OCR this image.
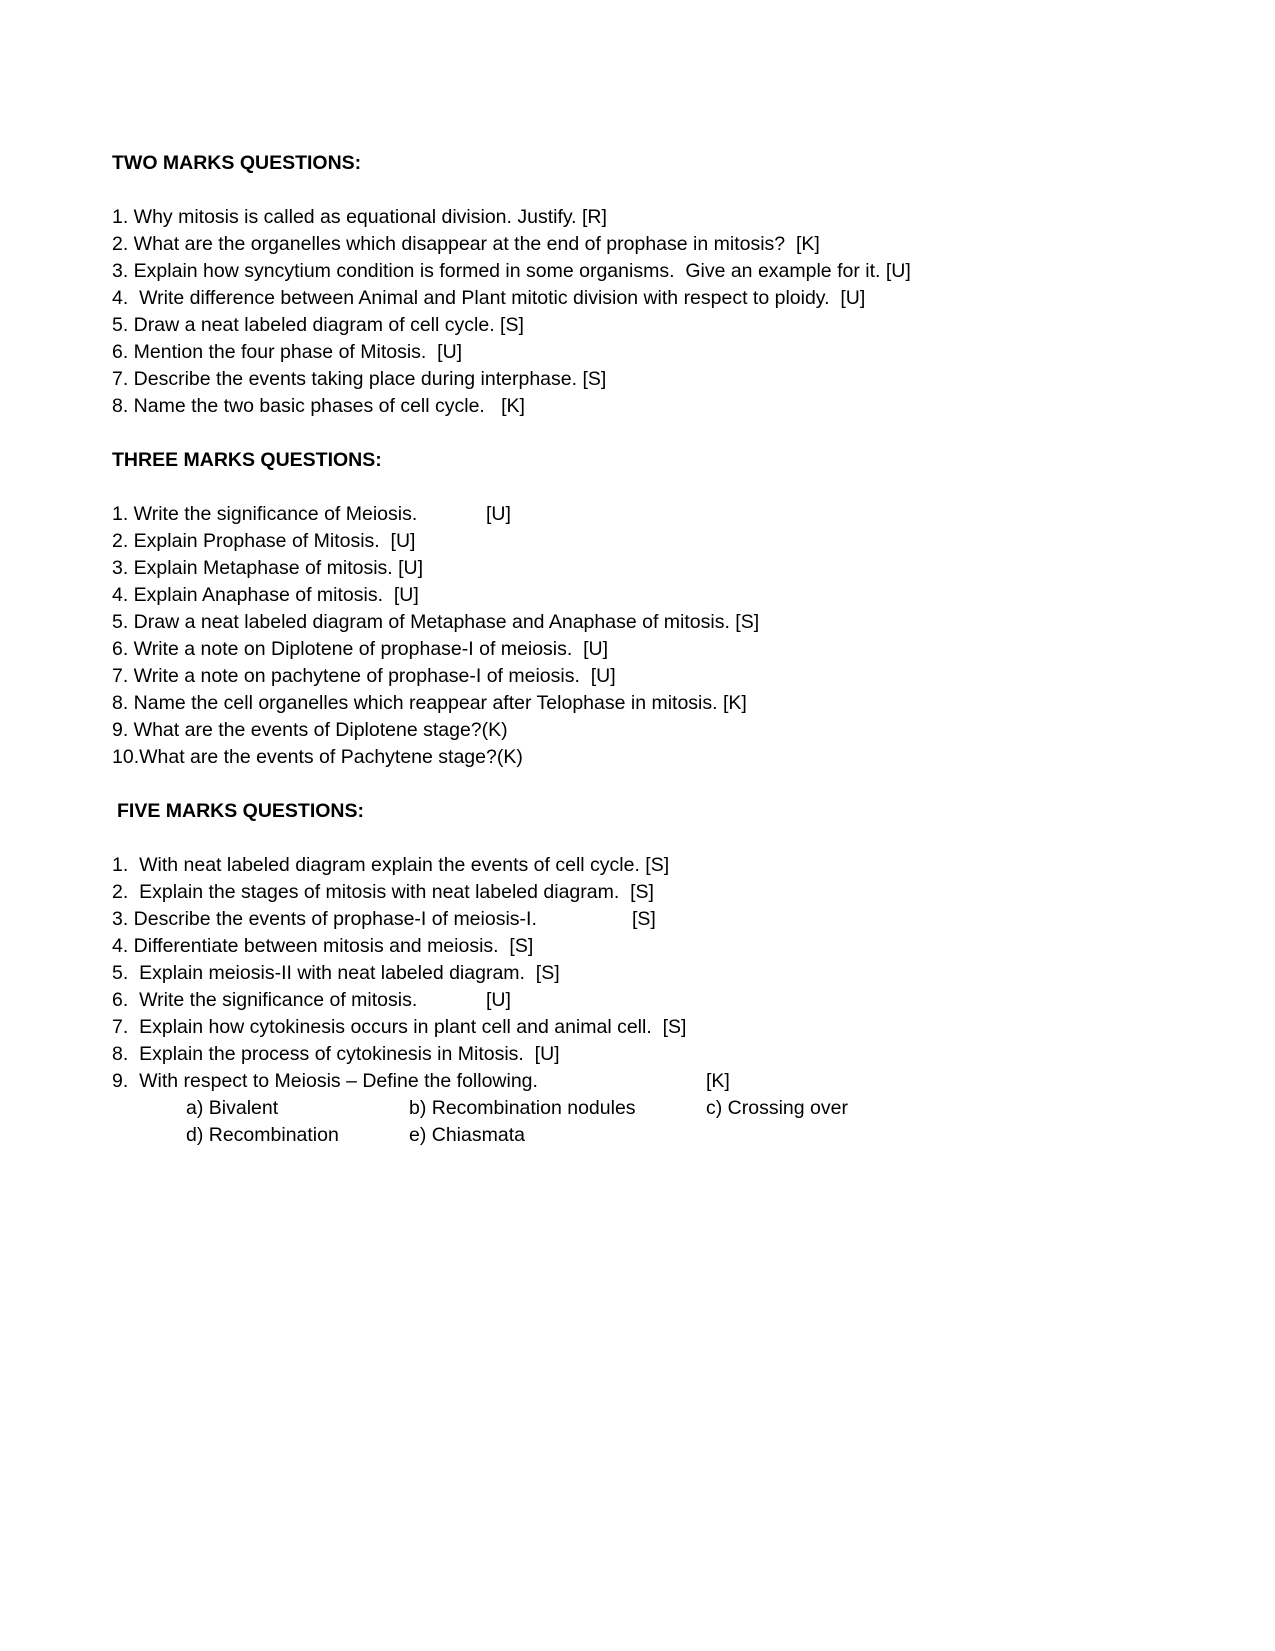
TWO MARKS QUESTIONS:
1. Why mitosis is called as equational division. Justify. [R]
2. What are the organelles which disappear at the end of prophase in mitosis?  [K]
3. Explain how syncytium condition is formed in some organisms.  Give an example for it. [U]
4.  Write difference between Animal and Plant mitotic division with respect to ploidy.  [U]
5. Draw a neat labeled diagram of cell cycle. [S]
6. Mention the four phase of Mitosis.  [U]
7. Describe the events taking place during interphase. [S]
8. Name the two basic phases of cell cycle.   [K]
THREE MARKS QUESTIONS:
1. Write the significance of Meiosis.	[U]
2. Explain Prophase of Mitosis.  [U]
3. Explain Metaphase of mitosis. [U]
4. Explain Anaphase of mitosis.  [U]
5. Draw a neat labeled diagram of Metaphase and Anaphase of mitosis. [S]
6. Write a note on Diplotene of prophase-I of meiosis.  [U]
7. Write a note on pachytene of prophase-I of meiosis.  [U]
8. Name the cell organelles which reappear after Telophase in mitosis. [K]
9. What are the events of Diplotene stage?(K)
10.What are the events of Pachytene stage?(K)
FIVE MARKS QUESTIONS:
1.  With neat labeled diagram explain the events of cell cycle. [S]
2.  Explain the stages of mitosis with neat labeled diagram.  [S]
3. Describe the events of prophase-I of meiosis-I.	[S]
4. Differentiate between mitosis and meiosis.  [S]
5.  Explain meiosis-II with neat labeled diagram.  [S]
6.  Write the significance of mitosis.	[U]
7.  Explain how cytokinesis occurs in plant cell and animal cell.  [S]
8.  Explain the process of cytokinesis in Mitosis.  [U]
9.  With respect to Meiosis – Define the following.	[K]
a) Bivalent	b) Recombination nodules	c) Crossing over
d) Recombination	e) Chiasmata
